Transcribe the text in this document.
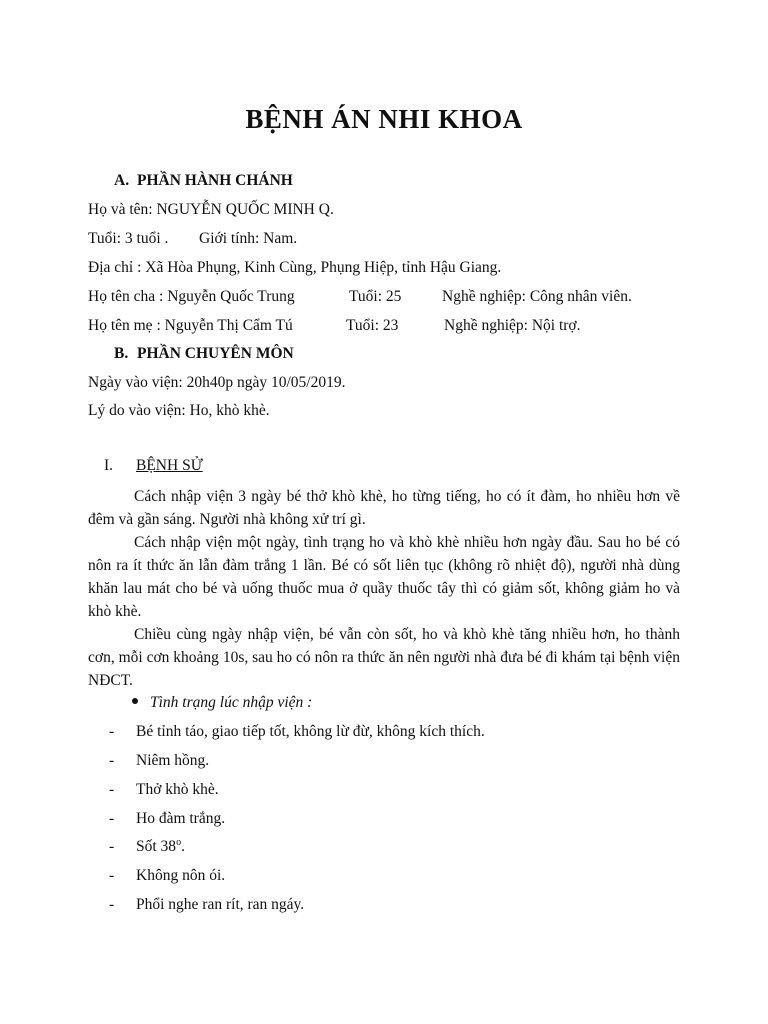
BỆNH ÁN NHI KHOA
A. PHẦN HÀNH CHÁNH
Họ và tên: NGUYỄN QUỐC MINH Q.
Tuổi: 3 tuổi . Giới tính: Nam.
Địa chỉ : Xã Hòa Phụng, Kinh Cùng, Phụng Hiệp, tỉnh Hậu Giang.
Họ tên cha : Nguyễn Quốc Trung	Tuổi: 25	Nghề nghiệp: Công nhân viên.
Họ tên mẹ : Nguyễn Thị Cẩm Tú	Tuổi: 23	Nghề nghiệp: Nội trợ.
B. PHẦN CHUYÊN MÔN
Ngày vào viện: 20h40p ngày 10/05/2019.
Lý do vào viện: Ho, khò khè.
I. BỆNH SỬ
Cách nhập viện 3 ngày bé thở khò khè, ho từng tiếng, ho có ít đàm, ho nhiều hơn về đêm và gần sáng. Người nhà không xử trí gì.
Cách nhập viện một ngày, tình trạng ho và khò khè nhiều hơn ngày đầu. Sau ho bé có nôn ra ít thức ăn lẫn đàm trắng 1 lần. Bé có sốt liên tục (không rõ nhiệt độ), người nhà dùng khăn lau mát cho bé và uống thuốc mua ở quầy thuốc tây thì có giảm sốt, không giảm ho và khò khè.
Chiều cùng ngày nhập viện, bé vẫn còn sốt, ho và khò khè tăng nhiều hơn, ho thành cơn, mỗi cơn khoảng 10s, sau ho có nôn ra thức ăn nên người nhà đưa bé đi khám tại bệnh viện NĐCT.
Tình trạng lúc nhập viện :
- Bé tỉnh táo, giao tiếp tốt, không lừ đừ, không kích thích.
- Niêm hồng.
- Thở khò khè.
- Ho đàm trắng.
- Sốt 38$^o$.
- Không nôn ói.
- Phổi nghe ran rít, ran ngáy.
